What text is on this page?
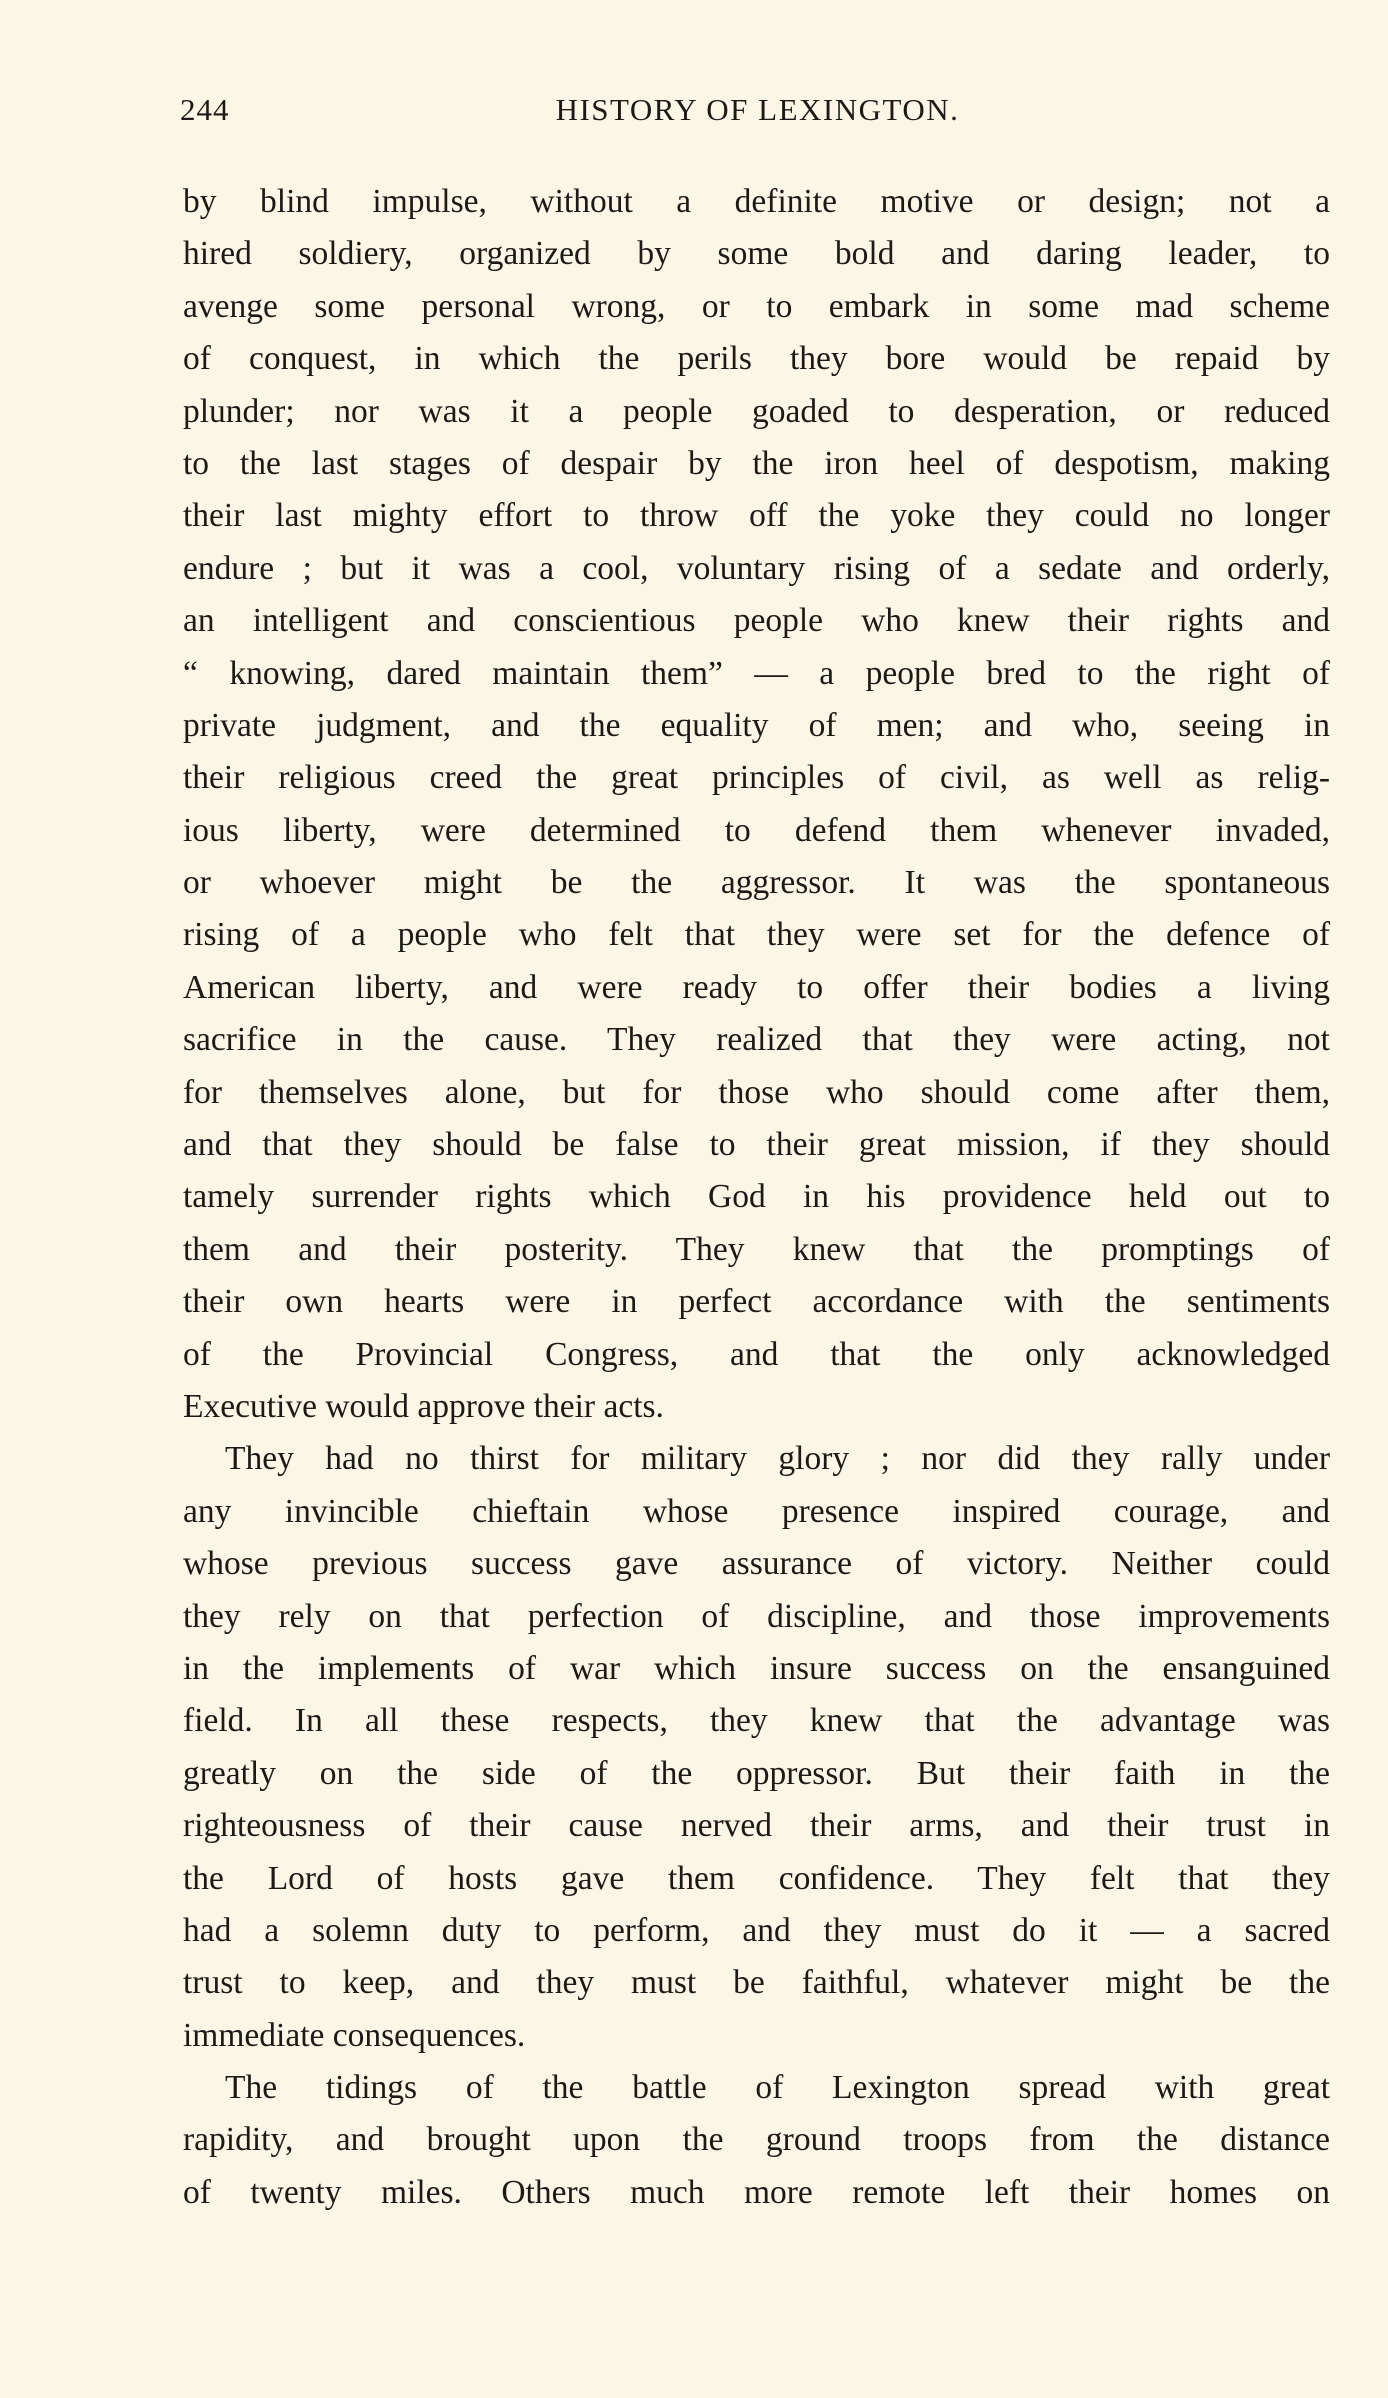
244	HISTORY OF LEXINGTON.
by blind impulse, without a definite motive or design; not a
hired soldiery, organized by some bold and daring leader, to
avenge some personal wrong, or to embark in some mad scheme
of conquest, in which the perils they bore would be repaid by
plunder; nor was it a people goaded to desperation, or reduced
to the last stages of despair by the iron heel of despotism, making
their last mighty effort to throw off the yoke they could no longer
endure ; but it was a cool, voluntary rising of a sedate and orderly,
an intelligent and conscientious people who knew their rights and
“ knowing, dared maintain them” — a people bred to the right of
private judgment, and the equality of men; and who, seeing in
their religious creed the great principles of civil, as well as relig-
ious liberty, were determined to defend them whenever invaded,
or whoever might be the aggressor. It was the spontaneous
rising of a people who felt that they were set for the defence of
American liberty, and were ready to offer their bodies a living
sacrifice in the cause. They realized that they were acting, not
for themselves alone, but for those who should come after them,
and that they should be false to their great mission, if they should
tamely surrender rights which God in his providence held out to
them and their posterity. They knew that the promptings of
their own hearts were in perfect accordance with the sentiments
of the Provincial Congress, and that the only acknowledged
Executive would approve their acts.
They had no thirst for military glory ; nor did they rally under
any invincible chieftain whose presence inspired courage, and
whose previous success gave assurance of victory. Neither could
they rely on that perfection of discipline, and those improvements
in the implements of war which insure success on the ensanguined
field. In all these respects, they knew that the advantage was
greatly on the side of the oppressor. But their faith in the
righteousness of their cause nerved their arms, and their trust in
the Lord of hosts gave them confidence. They felt that they
had a solemn duty to perform, and they must do it — a sacred
trust to keep, and they must be faithful, whatever might be the
immediate consequences.
The tidings of the battle of Lexington spread with great
rapidity, and brought upon the ground troops from the distance
of twenty miles. Others much more remote left their homes on
